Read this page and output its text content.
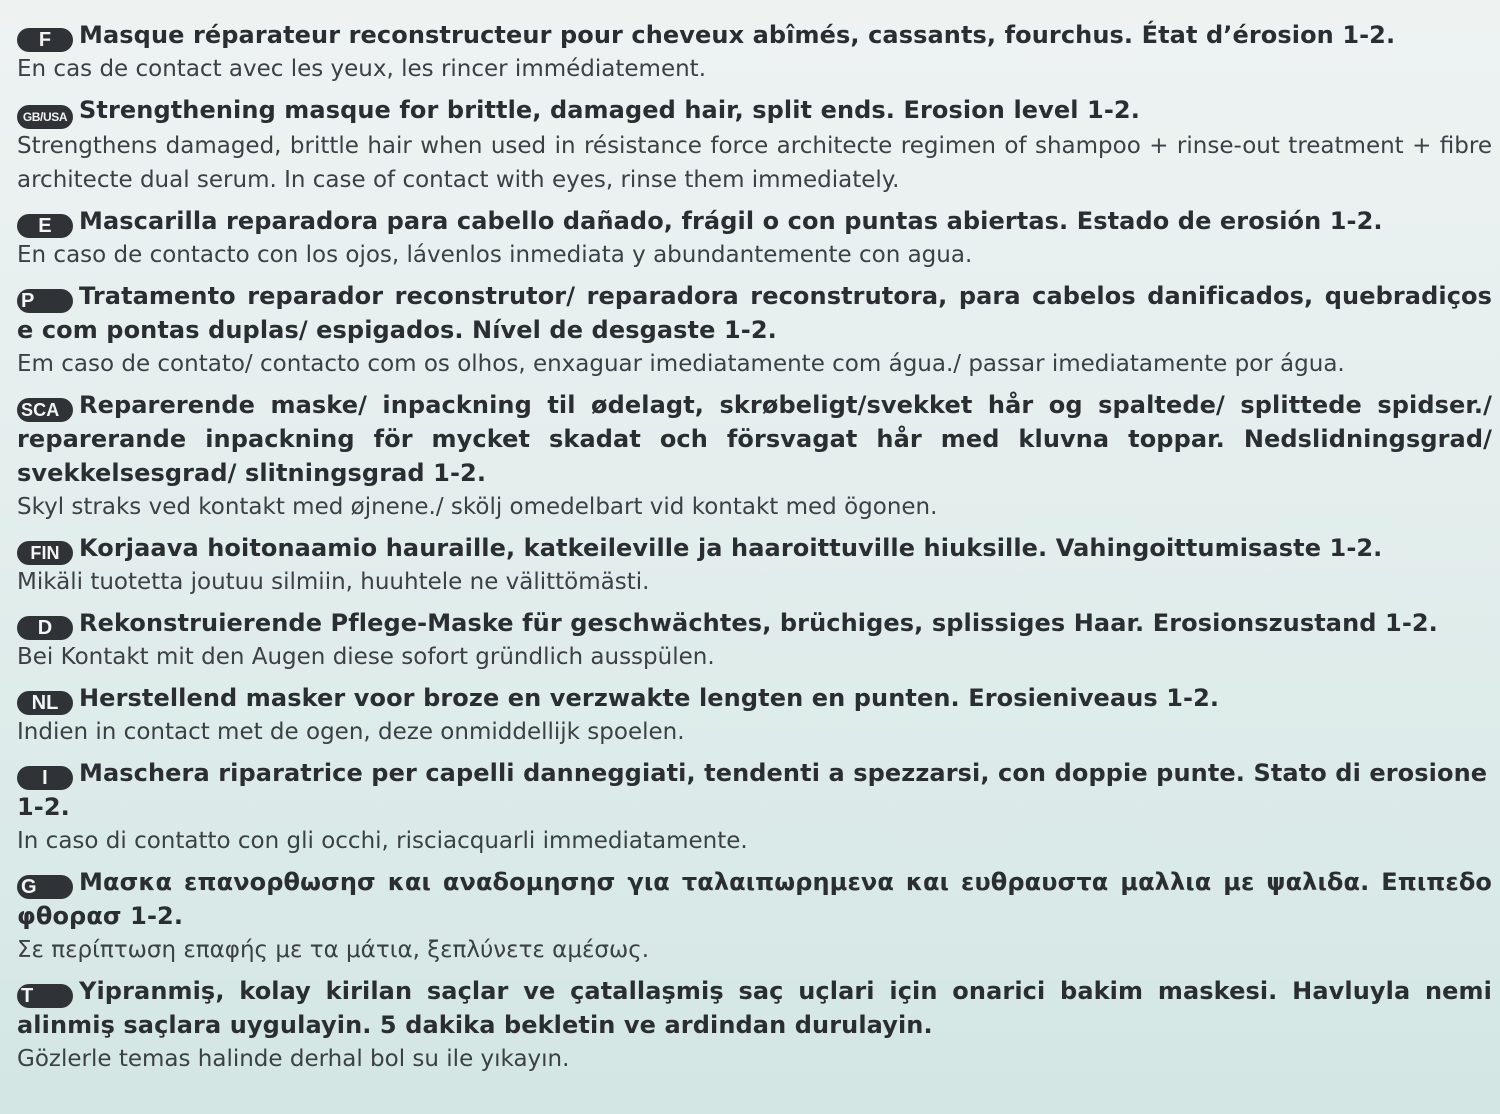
F Masque réparateur reconstructeur pour cheveux abîmés, cassants, fourchus. État d’érosion 1-2.
En cas de contact avec les yeux, les rincer immédiatement.
GB/USA Strengthening masque for brittle, damaged hair, split ends. Erosion level 1-2.
Strengthens damaged, brittle hair when used in résistance force architecte regimen of shampoo + rinse-out treatment + fibre architecte dual serum. In case of contact with eyes, rinse them immediately.
E Mascarilla reparadora para cabello dañado, frágil o con puntas abiertas. Estado de erosión 1-2.
En caso de contacto con los ojos, lávenlos inmediata y abundantemente con agua.
P Tratamento reparador reconstrutor/ reparadora reconstrutora, para cabelos danificados, quebradiços e com pontas duplas/ espigados. Nível de desgaste 1-2.
Em caso de contato/ contacto com os olhos, enxaguar imediatamente com água./ passar imediatamente por água.
SCA Reparerende maske/ inpackning til ødelagt, skrøbeligt/svekket hår og spaltede/ splittede spidser./ reparerande inpackning för mycket skadat och försvagat hår med kluvna toppar. Nedslidningsgrad/ svekkelsesgrad/ slitningsgrad 1-2.
Skyl straks ved kontakt med øjnene./ skölj omedelbart vid kontakt med ögonen.
FIN Korjaava hoitonaamio hauraille, katkeileville ja haaroittuville hiuksille. Vahingoittumisaste 1-2.
Mikäli tuotetta joutuu silmiin, huuhtele ne välittömästi.
D Rekonstruierende Pflege-Maske für geschwächtes, brüchiges, splissiges Haar. Erosionszustand 1-2.
Bei Kontakt mit den Augen diese sofort gründlich ausspülen.
NL Herstellend masker voor broze en verzwakte lengten en punten. Erosieniveaus 1-2.
Indien in contact met de ogen, deze onmiddellijk spoelen.
I Maschera riparatrice per capelli danneggiati, tendenti a spezzarsi, con doppie punte. Stato di erosione 1-2.
In caso di contatto con gli occhi, risciacquarli immediatamente.
G Μασκα επανορθωσησ και αναδομησησ για ταλαιπωρημενα και ευθραυστα μαλλια με ψαλιδα. Επιπεδο φθορασ 1-2.
Σε περίπτωση επαφής με τα μάτια, ξεπλύνετε αμέσως.
T Yipranmiş, kolay kirilan saçlar ve çatallaşmiş saç uçlari için onarici bakim maskesi. Havluyla nemi alinmiş saçlara uygulayin. 5 dakika bekletin ve ardindan durulayin.
Gözlerle temas halinde derhal bol su ile yıkayın.
